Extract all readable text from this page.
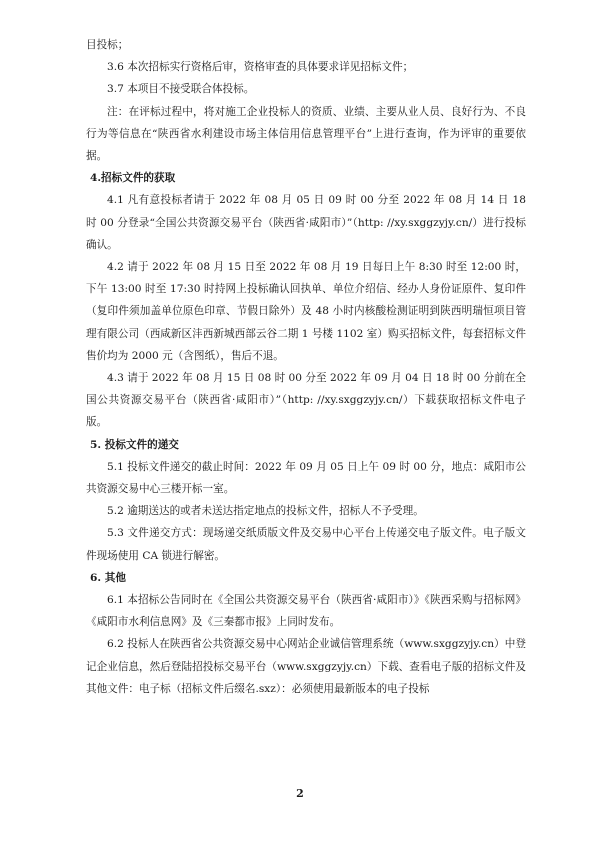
目投标；

3.6 本次招标实行资格后审，资格审查的具体要求详见招标文件；

3.7 本项目不接受联合体投标。

注：在评标过程中，将对施工企业投标人的资质、业绩、主要从业人员、良好行为、不良行为等信息在“陕西省水利建设市场主体信用信息管理平台”上进行查询，作为评审的重要依据。

4.招标文件的获取

4.1 凡有意投标者请于 2022 年 08 月 05 日 09 时 00 分至 2022 年 08 月 14 日 18 时 00 分登录“全国公共资源交易平台（陕西省·咸阳市）”（http: //xy.sxggzyjy.cn/）进行投标确认。

4.2 请于 2022 年 08 月 15 日至 2022 年 08 月 19 日每日上午 8:30 时至 12:00 时，下午 13:00 时至 17:30 时持网上投标确认回执单、单位介绍信、经办人身份证原件、复印件（复印件须加盖单位原色印章、节假日除外）及 48 小时内核酸检测证明到陕西明瑞恒项目管理有限公司（西咸新区沣西新城西部云谷二期 1 号楼 1102 室）购买招标文件，每套招标文件售价均为 2000 元（含图纸），售后不退。

4.3 请于 2022 年 08 月 15 日 08 时 00 分至 2022 年 09 月 04 日 18 时 00 分前在全国公共资源交易平台（陕西省·咸阳市）”（http: //xy.sxggzyjy.cn/）下载获取招标文件电子版。

5. 投标文件的递交

5.1 投标文件递交的截止时间：2022 年 09 月 05 日上午 09 时 00 分，地点：咸阳市公共资源交易中心三楼开标一室。

5.2 逾期送达的或者未送达指定地点的投标文件，招标人不予受理。

5.3 文件递交方式：现场递交纸质版文件及交易中心平台上传递交电子版文件。电子版文件现场使用 CA 锁进行解密。

6. 其他

6.1 本招标公告同时在《全国公共资源交易平台（陕西省·咸阳市）》《陕西采购与招标网》《咸阳市水利信息网》及《三秦都市报》上同时发布。

6.2 投标人在陕西省公共资源交易中心网站企业诚信管理系统（www.sxggzyjy.cn）中登记企业信息，然后登陆招投标交易平台（www.sxggzyjy.cn）下载、查看电子版的招标文件及其他文件：电子标（招标文件后缀名.sxz）：必须使用最新版本的电子投标

2
